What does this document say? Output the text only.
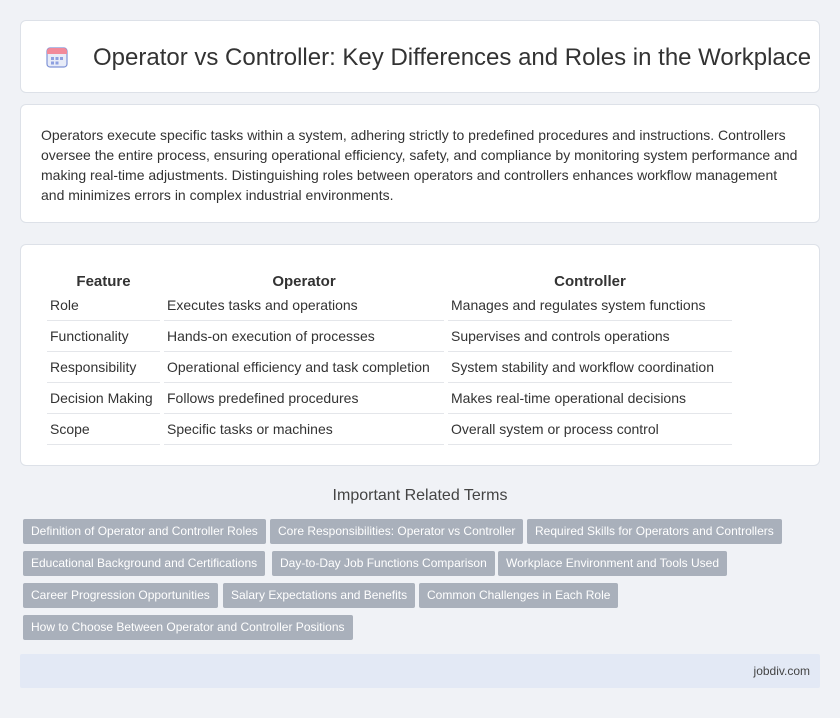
Operator vs Controller: Key Differences and Roles in the Workplace

Operators execute specific tasks within a system, adhering strictly to predefined procedures and instructions. Controllers oversee the entire process, ensuring operational efficiency, safety, and compliance by monitoring system performance and making real-time adjustments. Distinguishing roles between operators and controllers enhances workflow management and minimizes errors in complex industrial environments.

Feature	Operator	Controller
Role	Executes tasks and operations	Manages and regulates system functions
Functionality	Hands-on execution of processes	Supervises and controls operations
Responsibility	Operational efficiency and task completion	System stability and workflow coordination
Decision Making	Follows predefined procedures	Makes real-time operational decisions
Scope	Specific tasks or machines	Overall system or process control
Important Related Terms
Definition of Operator and Controller Roles	Core Responsibilities: Operator vs Controller	Required Skills for Operators and Controllers
Educational Background and Certifications	Day-to-Day Job Functions Comparison	Workplace Environment and Tools Used
Career Progression Opportunities	Salary Expectations and Benefits	Common Challenges in Each Role
How to Choose Between Operator and Controller Positions
jobdiv.com
